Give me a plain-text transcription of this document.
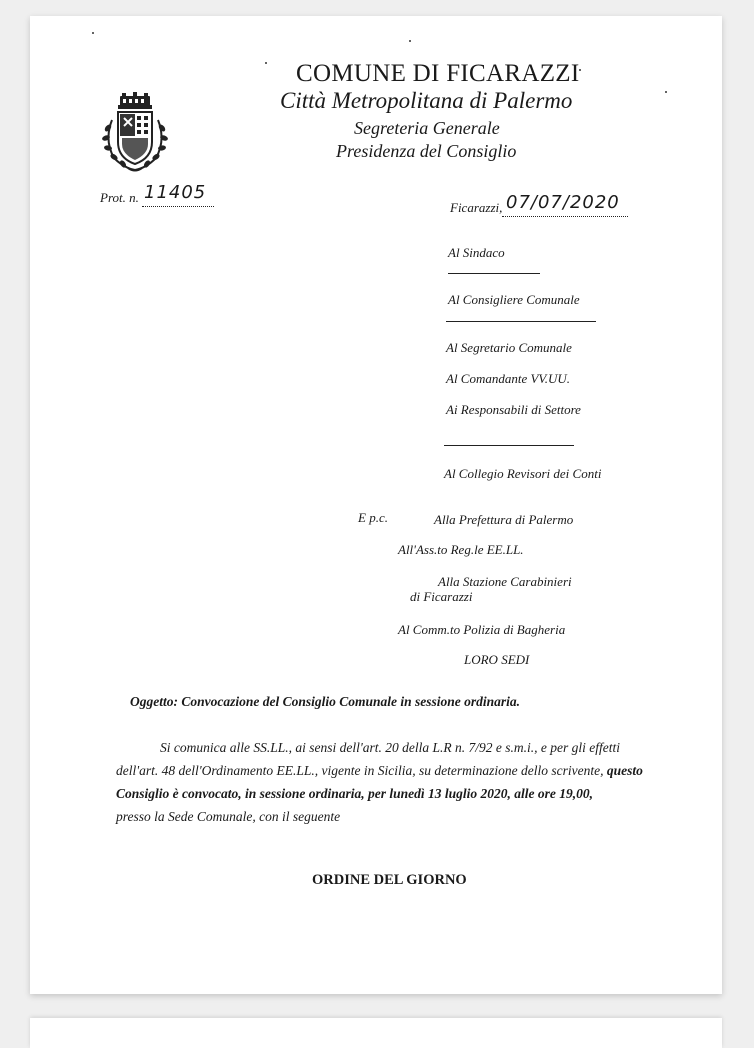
COMUNE DI FICARAZZI
Città Metropolitana di Palermo
Segreteria Generale
Presidenza del Consiglio
Prot. n. 11405
Ficarazzi, 07/07/2020
Al Sindaco
Al Consigliere Comunale
Al Segretario Comunale
Al Comandante VV.UU.
Ai Responsabili di Settore
Al Collegio Revisori dei Conti
E p.c.	Alla Prefettura di Palermo
All'Ass.to Reg.le EE.LL.
Alla Stazione Carabinieri
di Ficarazzi
Al Comm.to Polizia di Bagheria
LORO SEDI
Oggetto: Convocazione del Consiglio Comunale in sessione ordinaria.
Si comunica alle SS.LL., ai sensi dell'art. 20 della L.R n. 7/92 e s.m.i., e per gli effetti
dell'art. 48 dell'Ordinamento EE.LL., vigente in Sicilia, su determinazione dello scrivente, questo
Consiglio è convocato, in sessione ordinaria, per lunedì 13 luglio 2020, alle ore 19,00,
presso la Sede Comunale, con il seguente
ORDINE DEL GIORNO
